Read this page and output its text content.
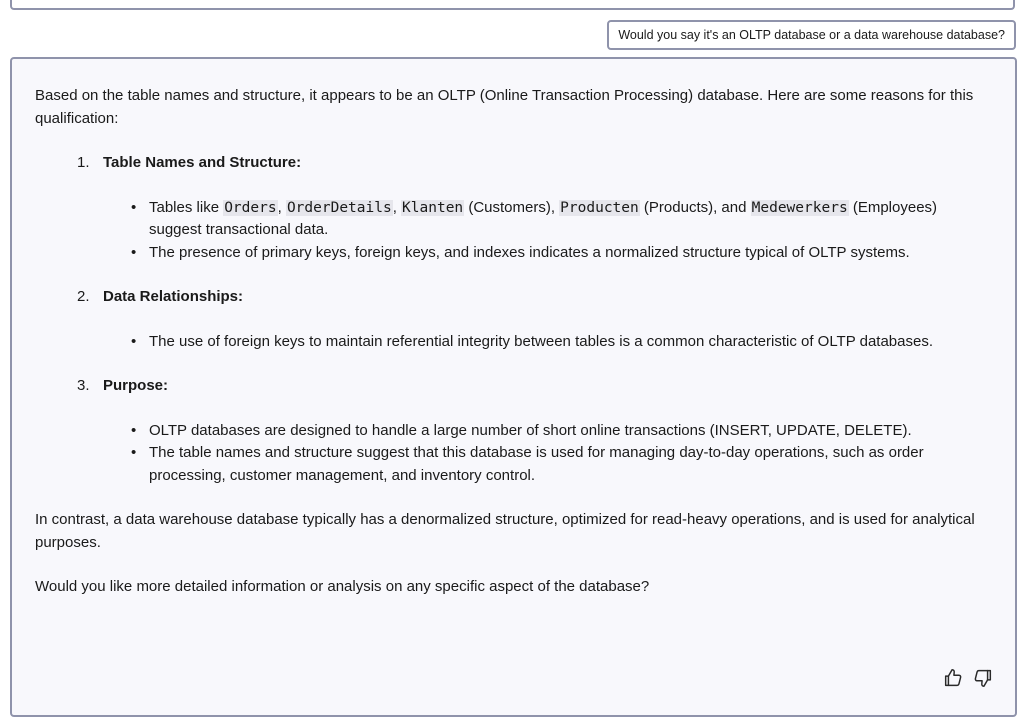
Would you say it's an OLTP database or a data warehouse database?

Based on the table names and structure, it appears to be an OLTP (Online Transaction Processing) database. Here are some reasons for this qualification:

1. Table Names and Structure:
• Tables like Orders, OrderDetails, Klanten (Customers), Producten (Products), and Medewerkers (Employees) suggest transactional data.
• The presence of primary keys, foreign keys, and indexes indicates a normalized structure typical of OLTP systems.
2. Data Relationships:
• The use of foreign keys to maintain referential integrity between tables is a common characteristic of OLTP databases.
3. Purpose:
• OLTP databases are designed to handle a large number of short online transactions (INSERT, UPDATE, DELETE).
• The table names and structure suggest that this database is used for managing day-to-day operations, such as order processing, customer management, and inventory control.

In contrast, a data warehouse database typically has a denormalized structure, optimized for read-heavy operations, and is used for analytical purposes.

Would you like more detailed information or analysis on any specific aspect of the database?
